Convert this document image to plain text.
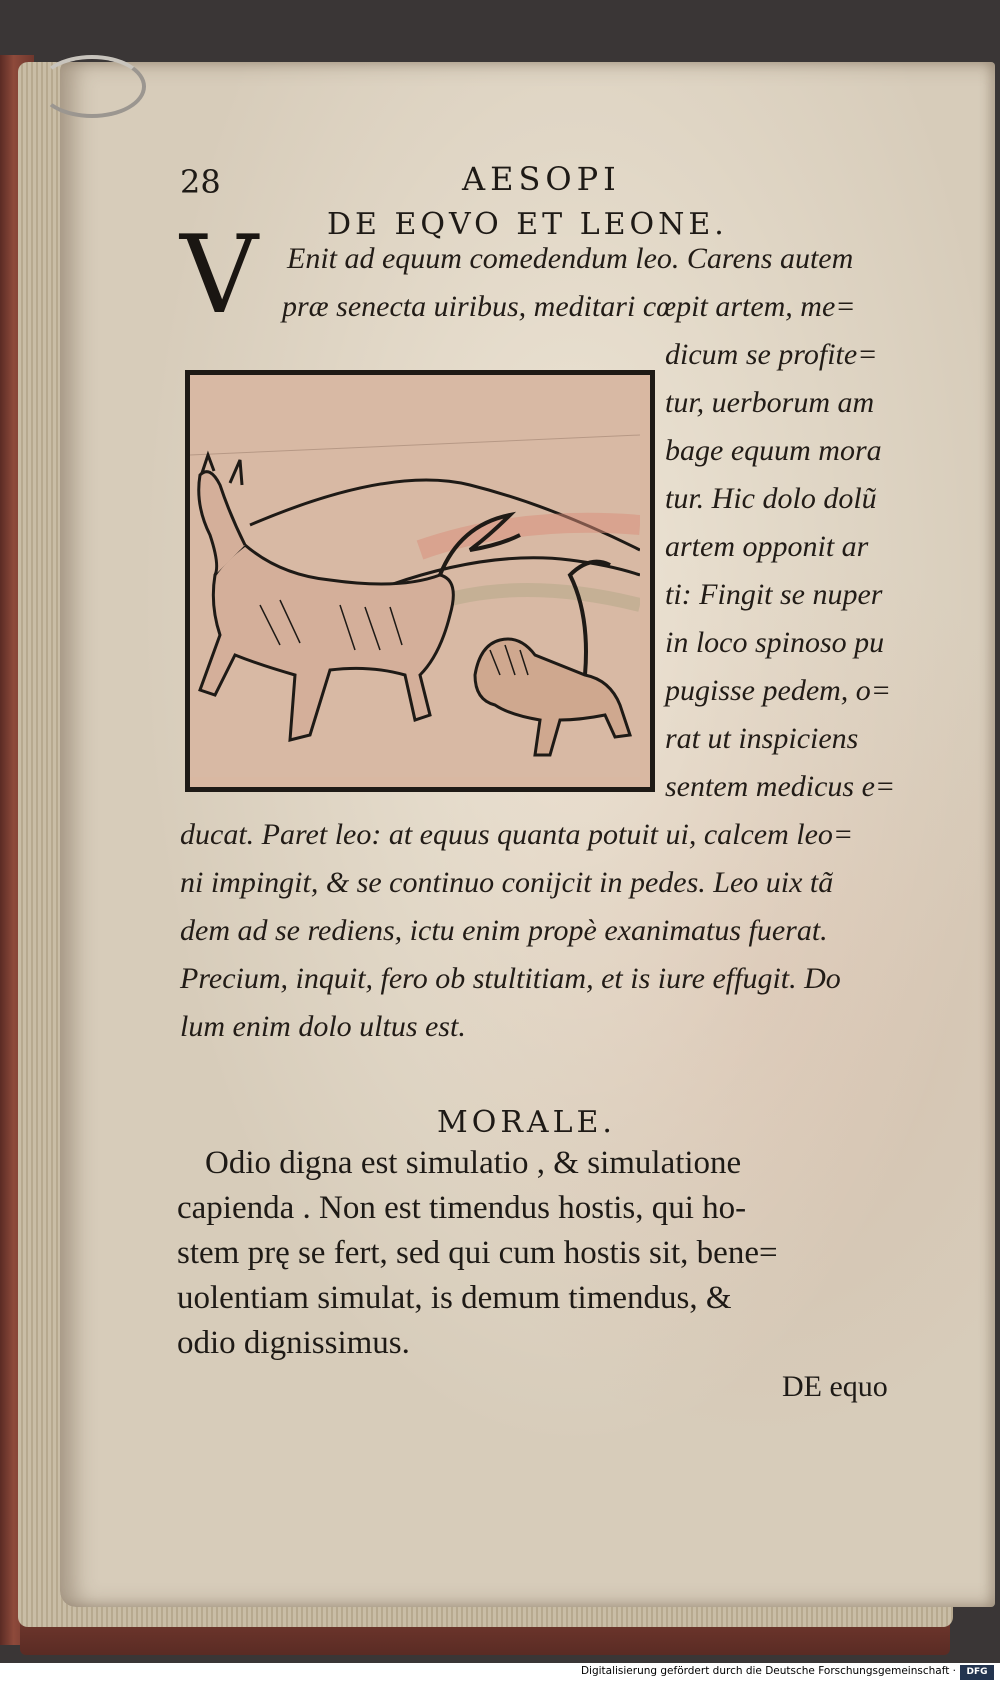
28	AESOPI
DE EQVO ET LEONE.
V Enit ad equum comedendum leo. Carens autem
præ senecta uiribus, meditari cœpit artem, me=
dicum se profite=
tur, uerborum am
bage equum mora
tur. Hic dolo dolũ
artem opponit ar
ti: Fingit se nuper
in loco spinoso pu
pugisse pedem, o=
rat ut inspiciens
sentem medicus e=
ducat. Paret leo: at equus quanta potuit ui, calcem leo=
ni impingit, & se continuo conijcit in pedes. Leo uix tã
dem ad se rediens, ictu enim propè exanimatus fuerat.
Precium, inquit, fero ob stultitiam, et is iure effugit. Do
lum enim dolo ultus est.
MORALE.
Odio digna est simulatio , & simulatione
capienda . Non est timendus hostis, qui ho-
stem prę se fert, sed qui cum hostis sit, bene=
uolentiam simulat, is demum timendus, &
odio dignissimus.
DE equo
Digitalisierung gefördert durch die Deutsche Forschungsgemeinschaft ·	DFG
